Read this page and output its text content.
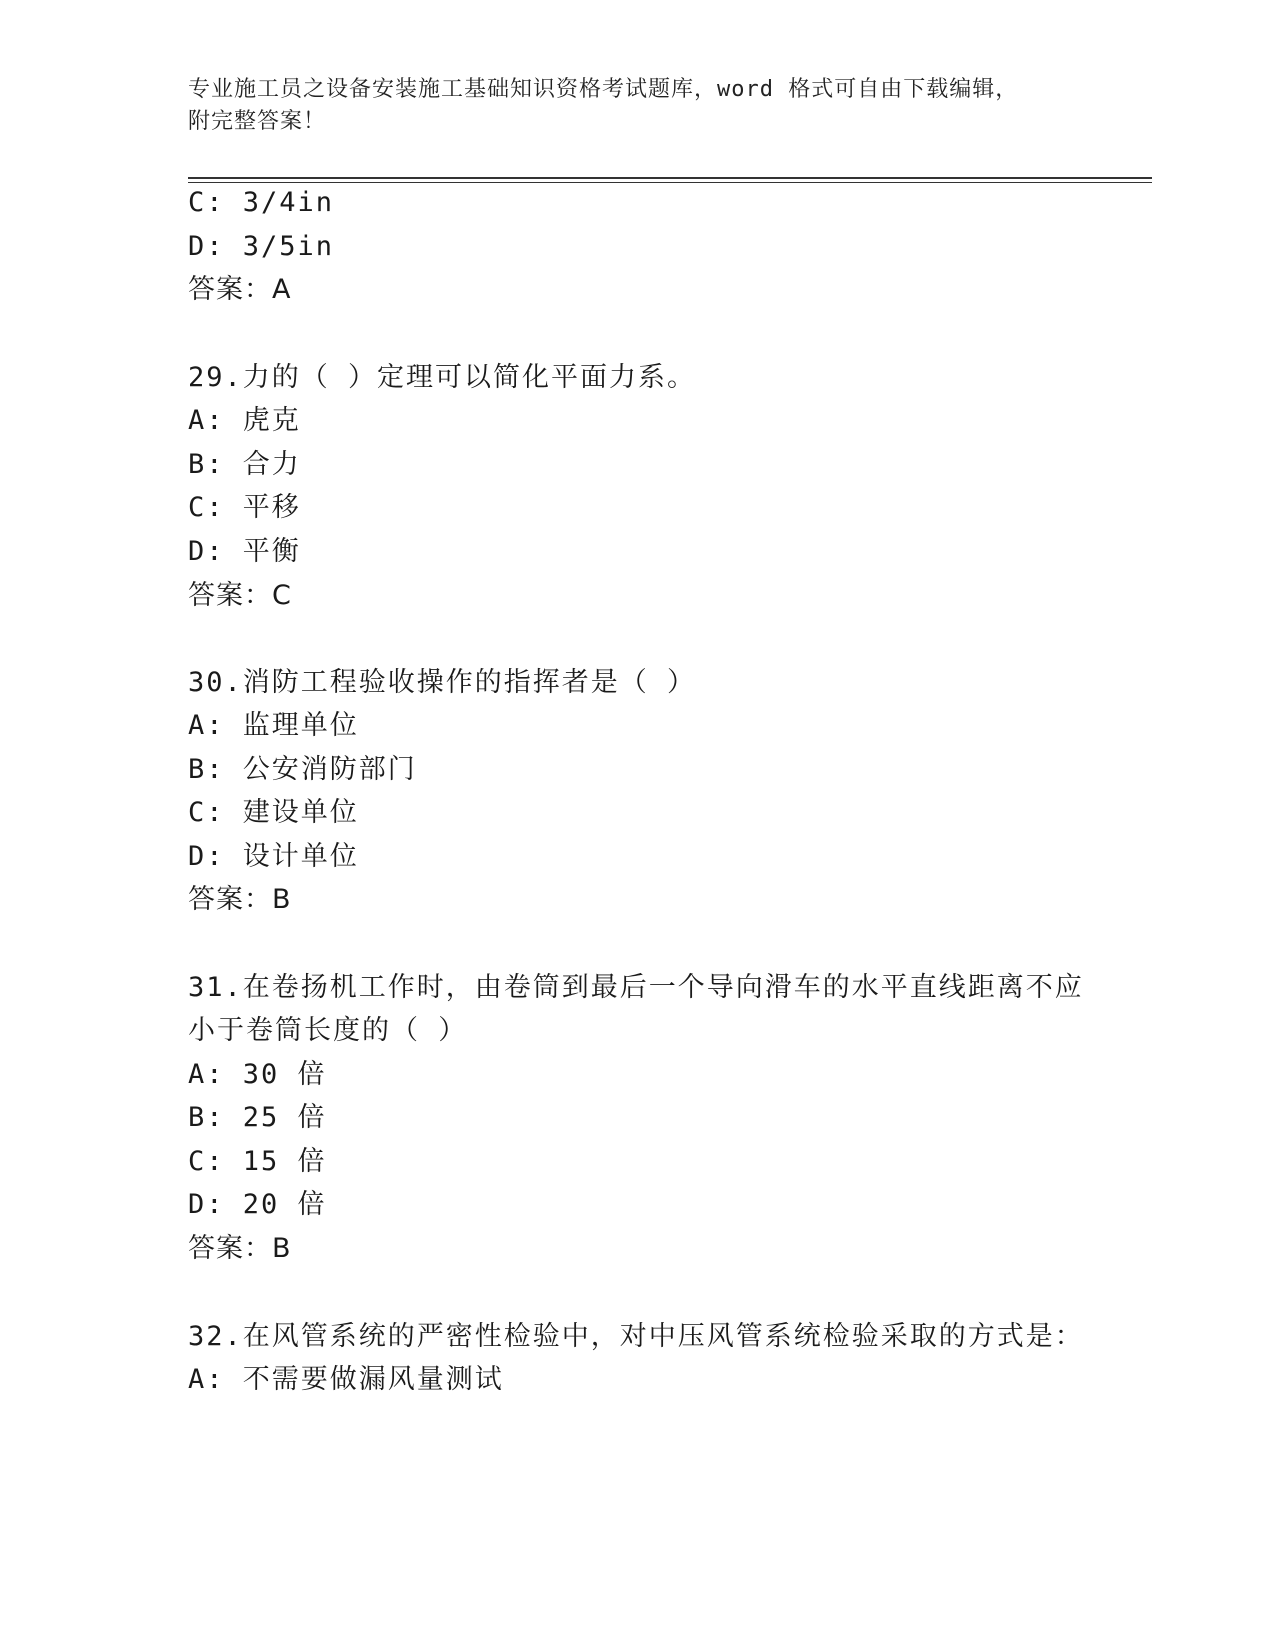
专业施工员之设备安装施工基础知识资格考试题库，word 格式可自由下载编辑，
附完整答案！
C: 3/4in
D: 3/5in
答案：A
29.力的（ ）定理可以简化平面力系。
A: 虎克
B: 合力
C: 平移
D: 平衡
答案：C
30.消防工程验收操作的指挥者是（ ）
A: 监理单位
B: 公安消防部门
C: 建设单位
D: 设计单位
答案：B
31.在卷扬机工作时，由卷筒到最后一个导向滑车的水平直线距离不应
小于卷筒长度的（ ）
A: 30 倍
B: 25 倍
C: 15 倍
D: 20 倍
答案：B
32.在风管系统的严密性检验中，对中压风管系统检验采取的方式是：
A: 不需要做漏风量测试
